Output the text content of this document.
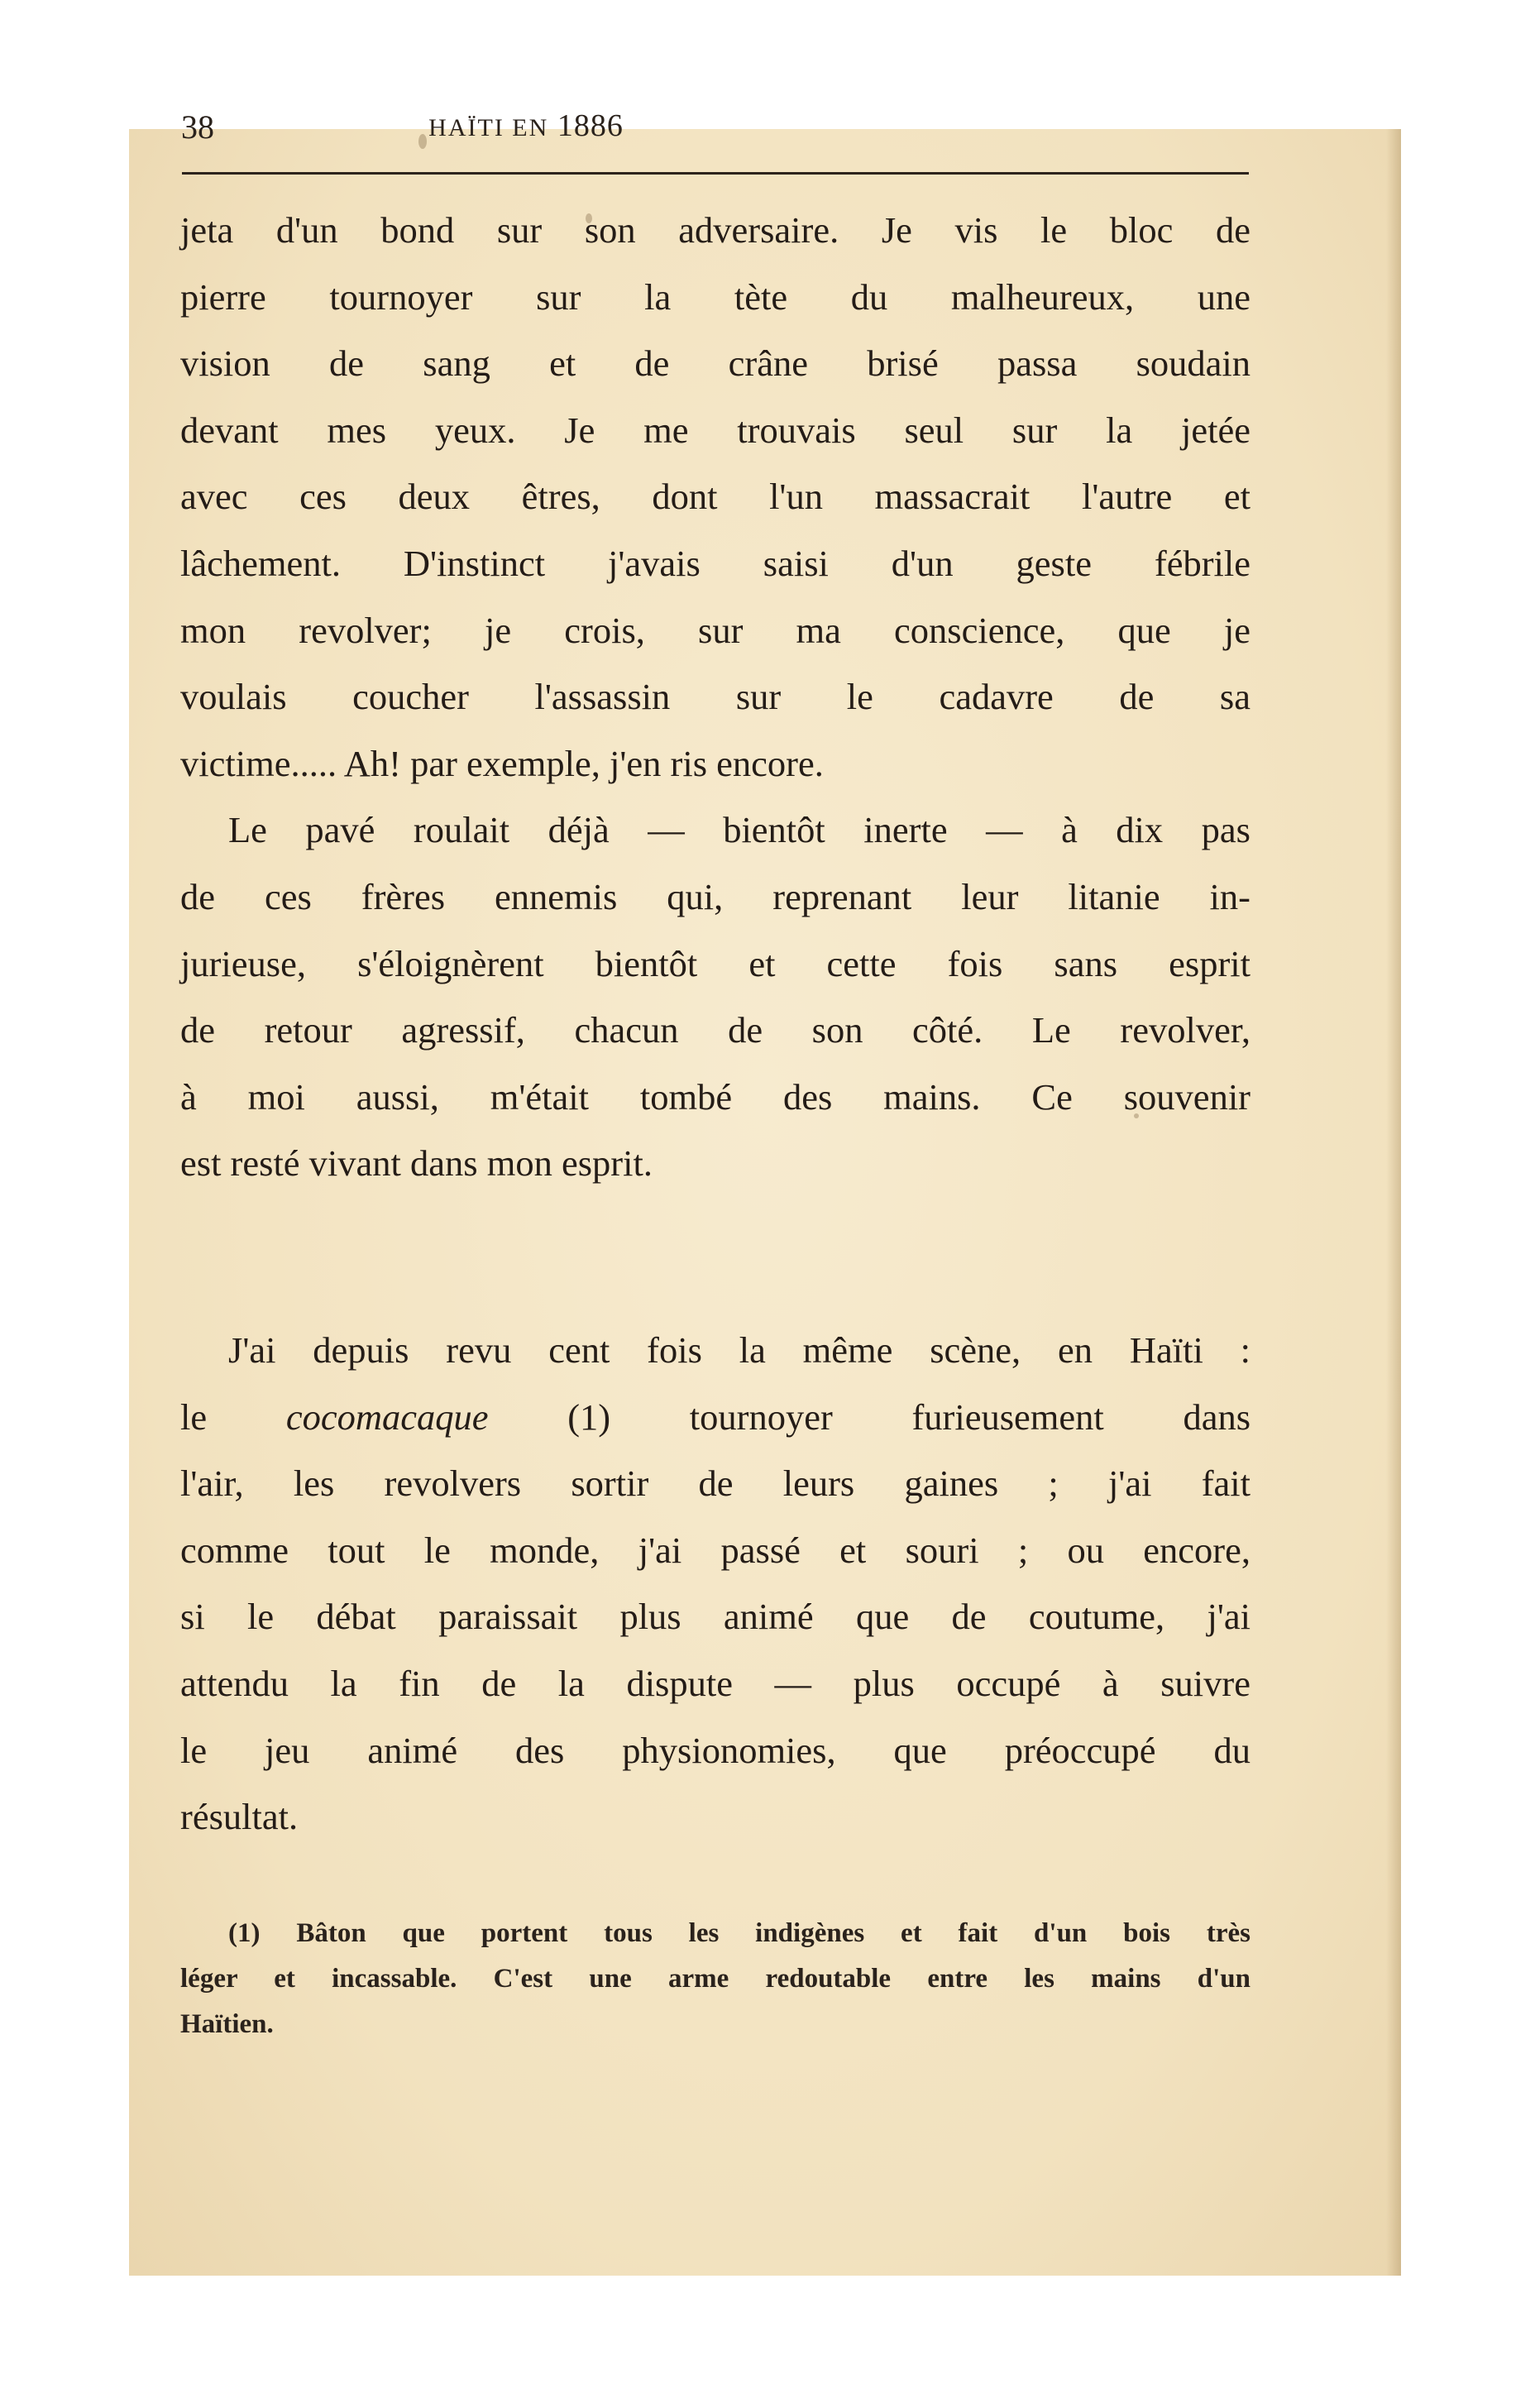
38	HAÏTI EN 1886
jeta d'un bond sur son adversaire. Je vis le bloc de
pierre tournoyer sur la tète du malheureux, une
vision de sang et de crâne brisé passa soudain
devant mes yeux. Je me trouvais seul sur la jetée
avec ces deux êtres, dont l'un massacrait l'autre et
lâchement. D'instinct j'avais saisi d'un geste fébrile
mon revolver; je crois, sur ma conscience, que je
voulais coucher l'assassin sur le cadavre de sa
victime..... Ah! par exemple, j'en ris encore.
Le pavé roulait déjà — bientôt inerte — à dix pas
de ces frères ennemis qui, reprenant leur litanie in-
jurieuse, s'éloignèrent bientôt et cette fois sans esprit
de retour agressif, chacun de son côté. Le revolver,
à moi aussi, m'était tombé des mains. Ce souvenir
est resté vivant dans mon esprit.
J'ai depuis revu cent fois la même scène, en Haïti :
le cocomacaque (1) tournoyer furieusement dans
l'air, les revolvers sortir de leurs gaines ; j'ai fait
comme tout le monde, j'ai passé et souri ; ou encore,
si le débat paraissait plus animé que de coutume, j'ai
attendu la fin de la dispute — plus occupé à suivre
le jeu animé des physionomies, que préoccupé du
résultat.
(1) Bâton que portent tous les indigènes et fait d'un bois très
léger et incassable. C'est une arme redoutable entre les mains d'un
Haïtien.
